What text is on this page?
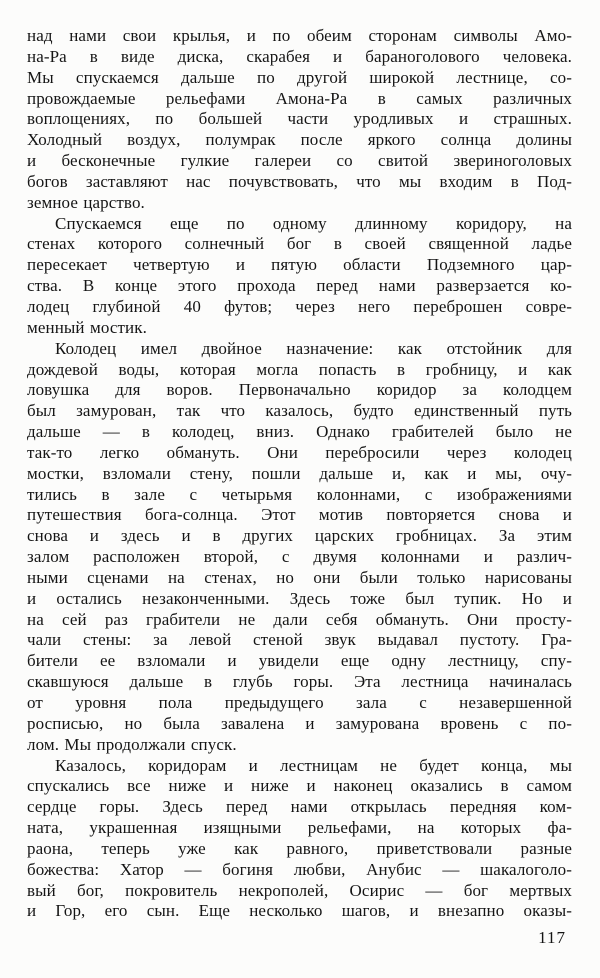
над нами свои крылья, и по обеим сторонам символы Амо-
на-Ра в виде диска, скарабея и бараноголового человека.
Мы спускаемся дальше по другой широкой лестнице, со-
провождаемые рельефами Амона-Ра в самых различных
воплощениях, по большей части уродливых и страшных.
Холодный воздух, полумрак после яркого солнца долины
и бесконечные гулкие галереи со свитой звериноголовых
богов заставляют нас почувствовать, что мы входим в Под-
земное царство.
Спускаемся еще по одному длинному коридору, на
стенах которого солнечный бог в своей священной ладье
пересекает четвертую и пятую области Подземного цар-
ства. В конце этого прохода перед нами разверзается ко-
лодец глубиной 40 футов; через него переброшен совре-
менный мостик.
Колодец имел двойное назначение: как отстойник для
дождевой воды, которая могла попасть в гробницу, и как
ловушка для воров. Первоначально коридор за колодцем
был замурован, так что казалось, будто единственный путь
дальше — в колодец, вниз. Однако грабителей было не
так-то легко обмануть. Они перебросили через колодец
мостки, взломали стену, пошли дальше и, как и мы, очу-
тились в зале с четырьмя колоннами, с изображениями
путешествия бога-солнца. Этот мотив повторяется снова и
снова и здесь и в других царских гробницах. За этим
залом расположен второй, с двумя колоннами и различ-
ными сценами на стенах, но они были только нарисованы
и остались незаконченными. Здесь тоже был тупик. Но и
на сей раз грабители не дали себя обмануть. Они просту-
чали стены: за левой стеной звук выдавал пустоту. Гра-
бители ее взломали и увидели еще одну лестницу, спу-
скавшуюся дальше в глубь горы. Эта лестница начиналась
от уровня пола предыдущего зала с незавершенной
росписью, но была завалена и замурована вровень с по-
лом. Мы продолжали спуск.
Казалось, коридорам и лестницам не будет конца, мы
спускались все ниже и ниже и наконец оказались в самом
сердце горы. Здесь перед нами открылась передняя ком-
ната, украшенная изящными рельефами, на которых фа-
раона, теперь уже как равного, приветствовали разные
божества: Хатор — богиня любви, Анубис — шакалоголо-
вый бог, покровитель некрополей, Осирис — бог мертвых
и Гор, его сын. Еще несколько шагов, и внезапно оказы-
117
